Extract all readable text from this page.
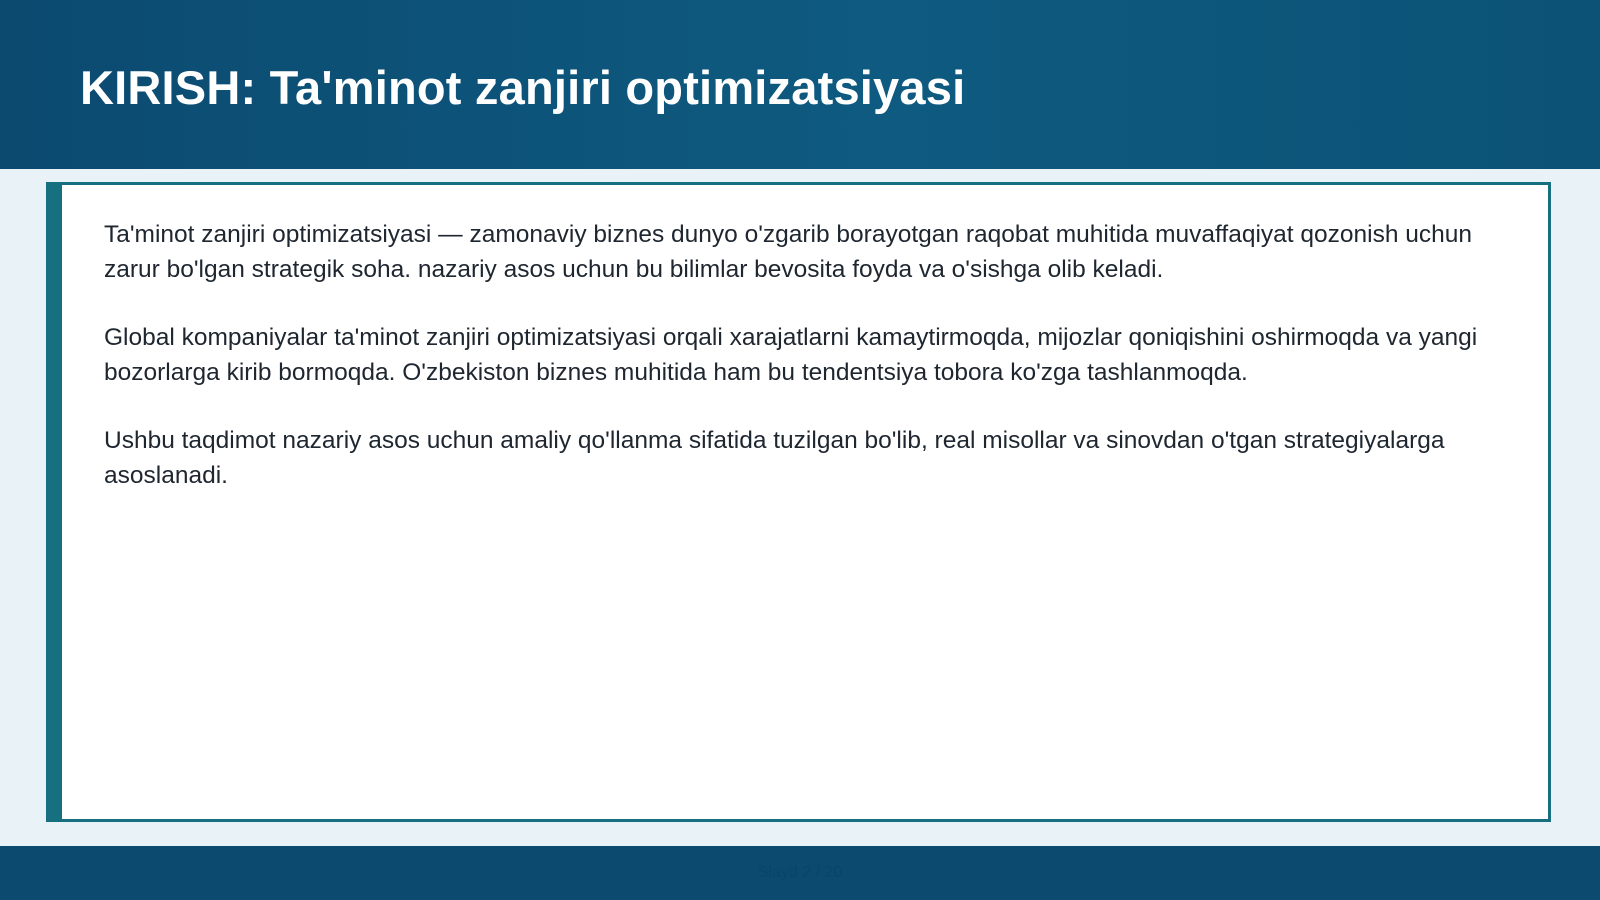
KIRISH: Ta'minot zanjiri optimizatsiyasi

Ta'minot zanjiri optimizatsiyasi — zamonaviy biznes dunyo o'zgarib borayotgan raqobat muhitida muvaffaqiyat qozonish uchun zarur bo'lgan strategik soha. nazariy asos uchun bu bilimlar bevosita foyda va o'sishga olib keladi.

Global kompaniyalar ta'minot zanjiri optimizatsiyasi orqali xarajatlarni kamaytirmoqda, mijozlar qoniqishini oshirmoqda va yangi bozorlarga kirib bormoqda. O'zbekiston biznes muhitida ham bu tendentsiya tobora ko'zga tashlanmoqda.

Ushbu taqdimot nazariy asos uchun amaliy qo'llanma sifatida tuzilgan bo'lib, real misollar va sinovdan o'tgan strategiyalarga asoslanadi.

Slayd 2 / 20
